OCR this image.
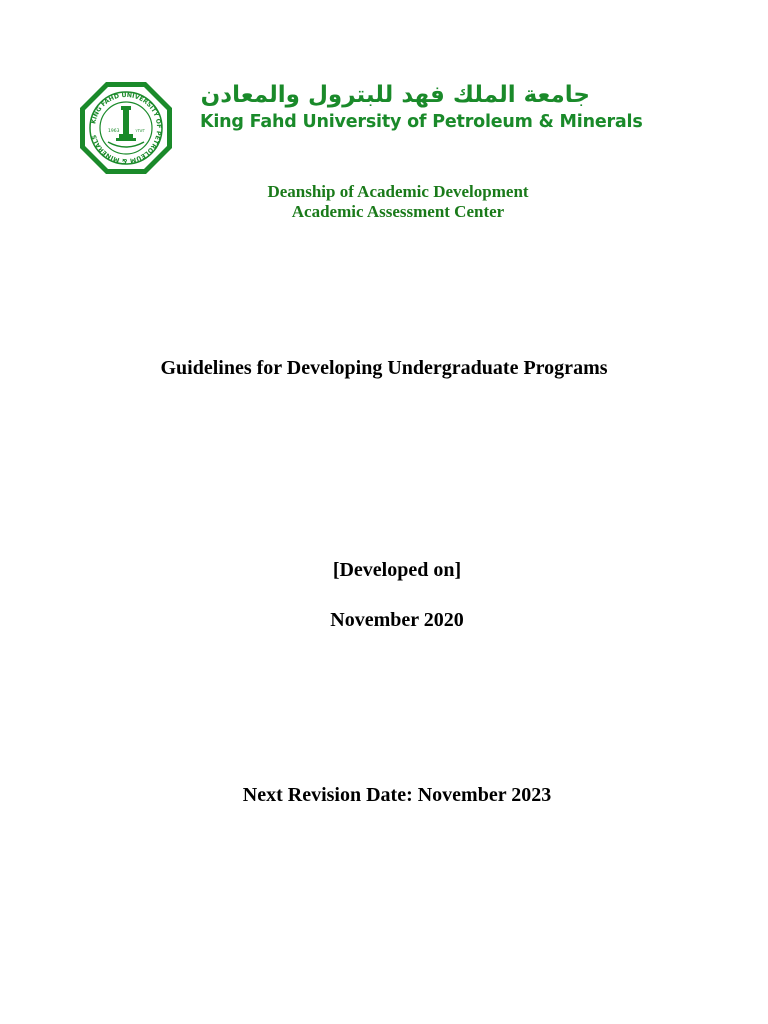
KING FAHD UNIVERSITY OF PETROLEUM & MINERALS
1963	١٣٨٣
جامعة الملك فهد للبترول والمعادن
King Fahd University of Petroleum & Minerals
Deanship of Academic Development
Academic Assessment Center
Guidelines for Developing Undergraduate Programs
[Developed on]
November 2020
Next Revision Date: November 2023
